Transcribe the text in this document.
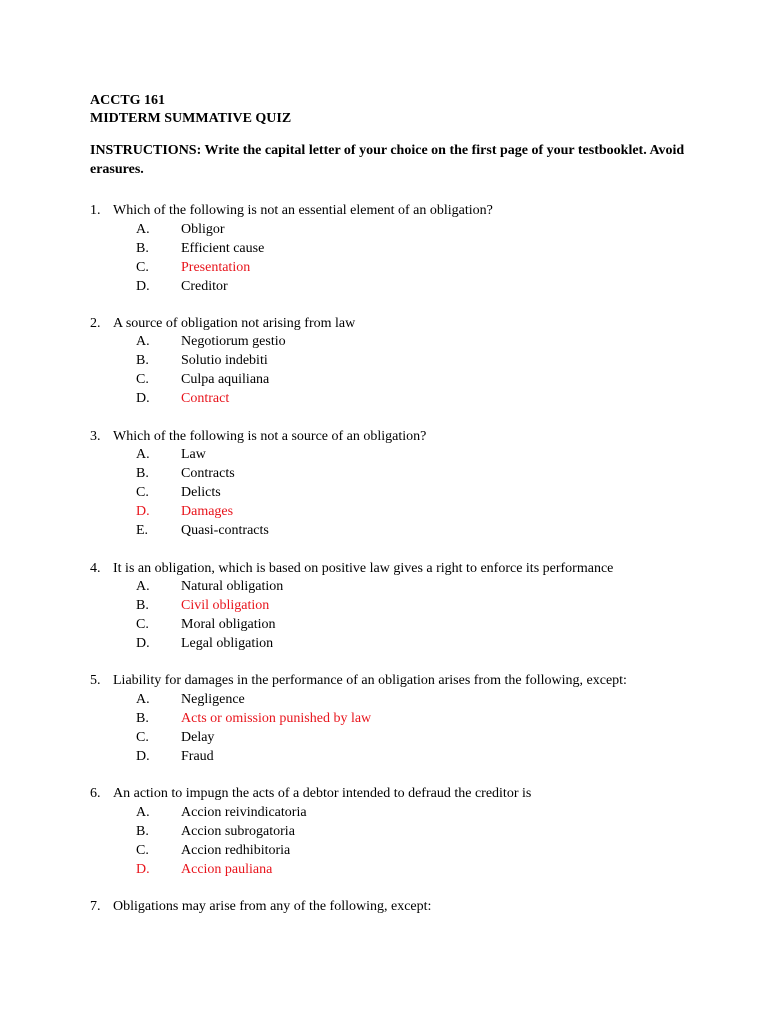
ACCTG 161
MIDTERM SUMMATIVE QUIZ
INSTRUCTIONS: Write the capital letter of your choice on the first page of your testbooklet. Avoid erasures.
1. Which of the following is not an essential element of an obligation?
A. Obligor
B. Efficient cause
C. Presentation
D. Creditor
2. A source of obligation not arising from law
A. Negotiorum gestio
B. Solutio indebiti
C. Culpa aquiliana
D. Contract
3. Which of the following is not a source of an obligation?
A. Law
B. Contracts
C. Delicts
D. Damages
E. Quasi-contracts
4. It is an obligation, which is based on positive law gives a right to enforce its performance
A. Natural obligation
B. Civil obligation
C. Moral obligation
D. Legal obligation
5. Liability for damages in the performance of an obligation arises from the following, except:
A. Negligence
B. Acts or omission punished by law
C. Delay
D. Fraud
6. An action to impugn the acts of a debtor intended to defraud the creditor is
A. Accion reivindicatoria
B. Accion subrogatoria
C. Accion redhibitoria
D. Accion pauliana
7. Obligations may arise from any of the following, except:
